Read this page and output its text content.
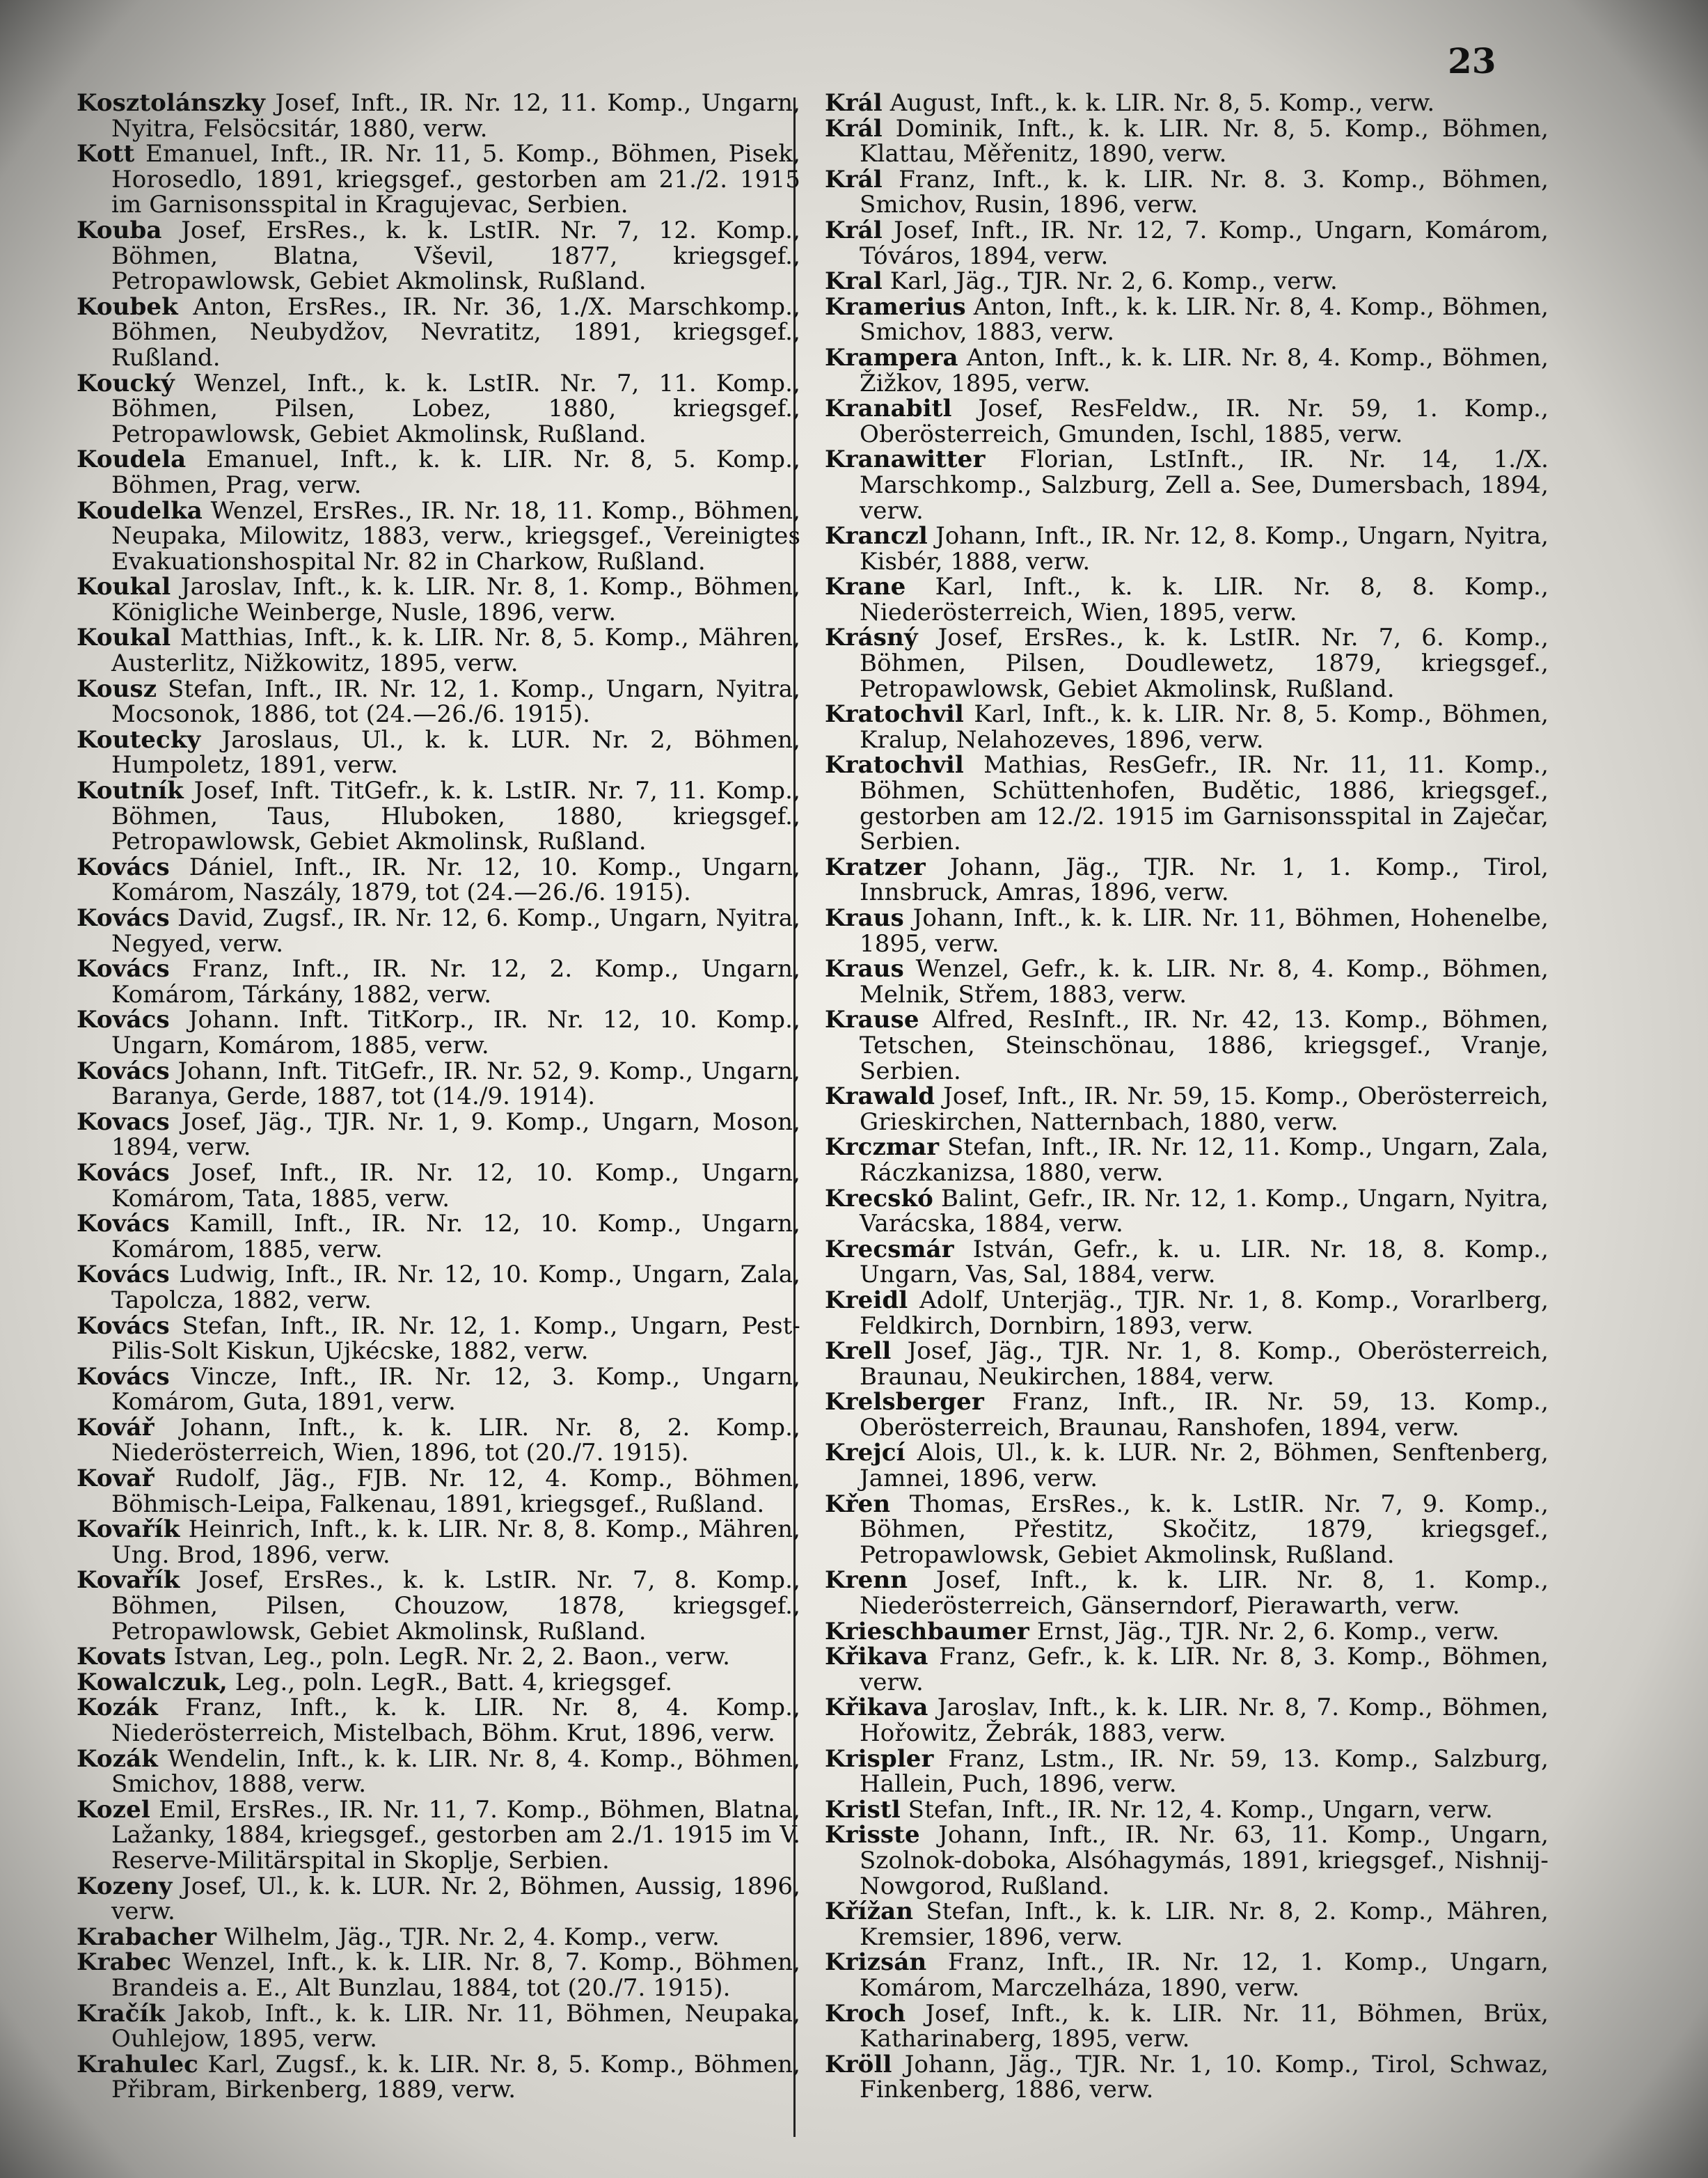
23
Kosztolánszky Josef, Inft., IR. Nr. 12, 11. Komp., Ungarn, Nyitra, Felsöcsitár, 1880, verw.
Kott Emanuel, Inft., IR. Nr. 11, 5. Komp., Böhmen, Pisek, Horosedlo, 1891, kriegsgef., gestorben am 21./2. 1915 im Garnisonsspital in Kragujevac, Serbien.
Kouba Josef, ErsRes., k. k. LstIR. Nr. 7, 12. Komp., Böhmen, Blatna, Vševil, 1877, kriegsgef., Petropawlowsk, Gebiet Akmolinsk, Rußland.
Koubek Anton, ErsRes., IR. Nr. 36, 1./X. Marschkomp., Böhmen, Neubydžov, Nevratitz, 1891, kriegsgef., Rußland.
Koucký Wenzel, Inft., k. k. LstIR. Nr. 7, 11. Komp., Böhmen, Pilsen, Lobez, 1880, kriegsgef., Petropawlowsk, Gebiet Akmolinsk, Rußland.
Koudela Emanuel, Inft., k. k. LIR. Nr. 8, 5. Komp., Böhmen, Prag, verw.
Koudelka Wenzel, ErsRes., IR. Nr. 18, 11. Komp., Böhmen, Neupaka, Milowitz, 1883, verw., kriegsgef., Vereinigtes Evakuationshospital Nr. 82 in Charkow, Rußland.
Koukal Jaroslav, Inft., k. k. LIR. Nr. 8, 1. Komp., Böhmen, Königliche Weinberge, Nusle, 1896, verw.
Koukal Matthias, Inft., k. k. LIR. Nr. 8, 5. Komp., Mähren, Austerlitz, Nižkowitz, 1895, verw.
Kousz Stefan, Inft., IR. Nr. 12, 1. Komp., Ungarn, Nyitra, Mocsonok, 1886, tot (24.—26./6. 1915).
Koutecky Jaroslaus, Ul., k. k. LUR. Nr. 2, Böhmen, Humpoletz, 1891, verw.
Koutník Josef, Inft. TitGefr., k. k. LstIR. Nr. 7, 11. Komp., Böhmen, Taus, Hluboken, 1880, kriegsgef., Petropawlowsk, Gebiet Akmolinsk, Rußland.
Kovács Dániel, Inft., IR. Nr. 12, 10. Komp., Ungarn, Komárom, Naszály, 1879, tot (24.—26./6. 1915).
Kovács David, Zugsf., IR. Nr. 12, 6. Komp., Ungarn, Nyitra, Negyed, verw.
Kovács Franz, Inft., IR. Nr. 12, 2. Komp., Ungarn, Komárom, Tárkány, 1882, verw.
Kovács Johann. Inft. TitKorp., IR. Nr. 12, 10. Komp., Ungarn, Komárom, 1885, verw.
Kovács Johann, Inft. TitGefr., IR. Nr. 52, 9. Komp., Ungarn, Baranya, Gerde, 1887, tot (14./9. 1914).
Kovacs Josef, Jäg., TJR. Nr. 1, 9. Komp., Ungarn, Moson, 1894, verw.
Kovács Josef, Inft., IR. Nr. 12, 10. Komp., Ungarn, Komárom, Tata, 1885, verw.
Kovács Kamill, Inft., IR. Nr. 12, 10. Komp., Ungarn, Komárom, 1885, verw.
Kovács Ludwig, Inft., IR. Nr. 12, 10. Komp., Ungarn, Zala, Tapolcza, 1882, verw.
Kovács Stefan, Inft., IR. Nr. 12, 1. Komp., Ungarn, Pest-Pilis-Solt Kiskun, Ujkécske, 1882, verw.
Kovács Vincze, Inft., IR. Nr. 12, 3. Komp., Ungarn, Komárom, Guta, 1891, verw.
Kovář Johann, Inft., k. k. LIR. Nr. 8, 2. Komp., Niederösterreich, Wien, 1896, tot (20./7. 1915).
Kovař Rudolf, Jäg., FJB. Nr. 12, 4. Komp., Böhmen, Böhmisch-Leipa, Falkenau, 1891, kriegsgef., Rußland.
Kovařík Heinrich, Inft., k. k. LIR. Nr. 8, 8. Komp., Mähren, Ung. Brod, 1896, verw.
Kovařík Josef, ErsRes., k. k. LstIR. Nr. 7, 8. Komp., Böhmen, Pilsen, Chouzow, 1878, kriegsgef., Petropawlowsk, Gebiet Akmolinsk, Rußland.
Kovats Istvan, Leg., poln. LegR. Nr. 2, 2. Baon., verw.
Kowalczuk, Leg., poln. LegR., Batt. 4, kriegsgef.
Kozák Franz, Inft., k. k. LIR. Nr. 8, 4. Komp., Niederösterreich, Mistelbach, Böhm. Krut, 1896, verw.
Kozák Wendelin, Inft., k. k. LIR. Nr. 8, 4. Komp., Böhmen, Smichov, 1888, verw.
Kozel Emil, ErsRes., IR. Nr. 11, 7. Komp., Böhmen, Blatna, Lažanky, 1884, kriegsgef., gestorben am 2./1. 1915 im V. Reserve-Militärspital in Skoplje, Serbien.
Kozeny Josef, Ul., k. k. LUR. Nr. 2, Böhmen, Aussig, 1896, verw.
Krabacher Wilhelm, Jäg., TJR. Nr. 2, 4. Komp., verw.
Krabec Wenzel, Inft., k. k. LIR. Nr. 8, 7. Komp., Böhmen, Brandeis a. E., Alt Bunzlau, 1884, tot (20./7. 1915).
Kračík Jakob, Inft., k. k. LIR. Nr. 11, Böhmen, Neupaka, Ouhlejow, 1895, verw.
Krahulec Karl, Zugsf., k. k. LIR. Nr. 8, 5. Komp., Böhmen, Přibram, Birkenberg, 1889, verw.
Král August, Inft., k. k. LIR. Nr. 8, 5. Komp., verw.
Král Dominik, Inft., k. k. LIR. Nr. 8, 5. Komp., Böhmen, Klattau, Měřenitz, 1890, verw.
Král Franz, Inft., k. k. LIR. Nr. 8. 3. Komp., Böhmen, Smichov, Rusin, 1896, verw.
Král Josef, Inft., IR. Nr. 12, 7. Komp., Ungarn, Komárom, Tóváros, 1894, verw.
Kral Karl, Jäg., TJR. Nr. 2, 6. Komp., verw.
Kramerius Anton, Inft., k. k. LIR. Nr. 8, 4. Komp., Böhmen, Smichov, 1883, verw.
Krampera Anton, Inft., k. k. LIR. Nr. 8, 4. Komp., Böhmen, Žižkov, 1895, verw.
Kranabitl Josef, ResFeldw., IR. Nr. 59, 1. Komp., Oberösterreich, Gmunden, Ischl, 1885, verw.
Kranawitter Florian, LstInft., IR. Nr. 14, 1./X. Marschkomp., Salzburg, Zell a. See, Dumersbach, 1894, verw.
Kranczl Johann, Inft., IR. Nr. 12, 8. Komp., Ungarn, Nyitra, Kisbér, 1888, verw.
Krane Karl, Inft., k. k. LIR. Nr. 8, 8. Komp., Niederösterreich, Wien, 1895, verw.
Krásný Josef, ErsRes., k. k. LstIR. Nr. 7, 6. Komp., Böhmen, Pilsen, Doudlewetz, 1879, kriegsgef., Petropawlowsk, Gebiet Akmolinsk, Rußland.
Kratochvil Karl, Inft., k. k. LIR. Nr. 8, 5. Komp., Böhmen, Kralup, Nelahozeves, 1896, verw.
Kratochvil Mathias, ResGefr., IR. Nr. 11, 11. Komp., Böhmen, Schüttenhofen, Budětic, 1886, kriegsgef., gestorben am 12./2. 1915 im Garnisonsspital in Zaječar, Serbien.
Kratzer Johann, Jäg., TJR. Nr. 1, 1. Komp., Tirol, Innsbruck, Amras, 1896, verw.
Kraus Johann, Inft., k. k. LIR. Nr. 11, Böhmen, Hohenelbe, 1895, verw.
Kraus Wenzel, Gefr., k. k. LIR. Nr. 8, 4. Komp., Böhmen, Melnik, Střem, 1883, verw.
Krause Alfred, ResInft., IR. Nr. 42, 13. Komp., Böhmen, Tetschen, Steinschönau, 1886, kriegsgef., Vranje, Serbien.
Krawald Josef, Inft., IR. Nr. 59, 15. Komp., Oberösterreich, Grieskirchen, Natternbach, 1880, verw.
Krczmar Stefan, Inft., IR. Nr. 12, 11. Komp., Ungarn, Zala, Ráczkanizsa, 1880, verw.
Krecskó Balint, Gefr., IR. Nr. 12, 1. Komp., Ungarn, Nyitra, Varácska, 1884, verw.
Krecsmár István, Gefr., k. u. LIR. Nr. 18, 8. Komp., Ungarn, Vas, Sal, 1884, verw.
Kreidl Adolf, Unterjäg., TJR. Nr. 1, 8. Komp., Vorarlberg, Feldkirch, Dornbirn, 1893, verw.
Krell Josef, Jäg., TJR. Nr. 1, 8. Komp., Oberösterreich, Braunau, Neukirchen, 1884, verw.
Krelsberger Franz, Inft., IR. Nr. 59, 13. Komp., Oberösterreich, Braunau, Ranshofen, 1894, verw.
Krejcí Alois, Ul., k. k. LUR. Nr. 2, Böhmen, Senftenberg, Jamnei, 1896, verw.
Křen Thomas, ErsRes., k. k. LstIR. Nr. 7, 9. Komp., Böhmen, Přestitz, Skočitz, 1879, kriegsgef., Petropawlowsk, Gebiet Akmolinsk, Rußland.
Krenn Josef, Inft., k. k. LIR. Nr. 8, 1. Komp., Niederösterreich, Gänserndorf, Pierawarth, verw.
Krieschbaumer Ernst, Jäg., TJR. Nr. 2, 6. Komp., verw.
Křikava Franz, Gefr., k. k. LIR. Nr. 8, 3. Komp., Böhmen, verw.
Křikava Jaroslav, Inft., k. k. LIR. Nr. 8, 7. Komp., Böhmen, Hořowitz, Žebrák, 1883, verw.
Krispler Franz, Lstm., IR. Nr. 59, 13. Komp., Salzburg, Hallein, Puch, 1896, verw.
Kristl Stefan, Inft., IR. Nr. 12, 4. Komp., Ungarn, verw.
Krisste Johann, Inft., IR. Nr. 63, 11. Komp., Ungarn, Szolnok-doboka, Alsóhagymás, 1891, kriegsgef., Nishnij-Nowgorod, Rußland.
Křížan Stefan, Inft., k. k. LIR. Nr. 8, 2. Komp., Mähren, Kremsier, 1896, verw.
Krizsán Franz, Inft., IR. Nr. 12, 1. Komp., Ungarn, Komárom, Marczelháza, 1890, verw.
Kroch Josef, Inft., k. k. LIR. Nr. 11, Böhmen, Brüx, Katharinaberg, 1895, verw.
Kröll Johann, Jäg., TJR. Nr. 1, 10. Komp., Tirol, Schwaz, Finkenberg, 1886, verw.
